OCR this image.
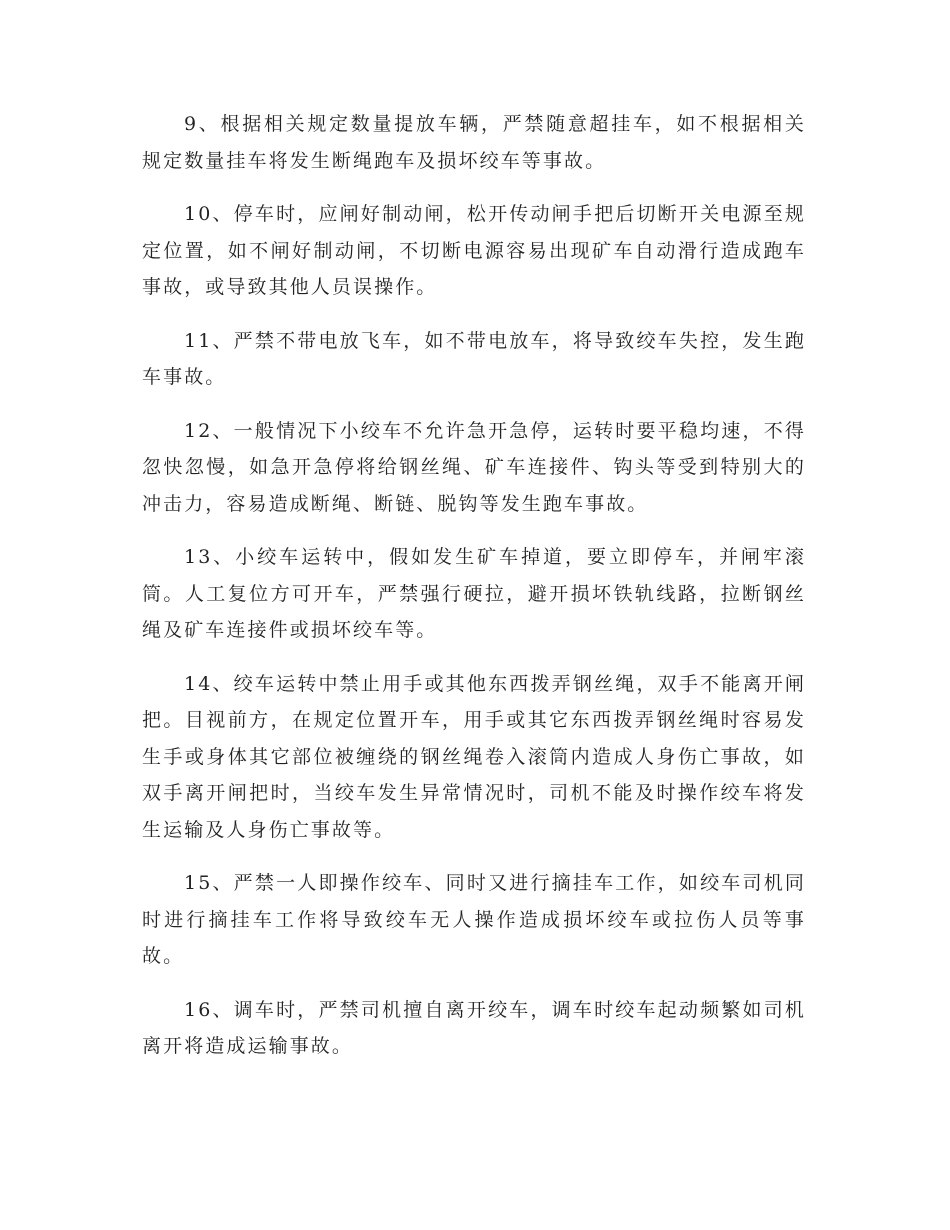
9、根据相关规定数量提放车辆，严禁随意超挂车，如不根据相关规定数量挂车将发生断绳跑车及损坏绞车等事故。

10、停车时，应闸好制动闸，松开传动闸手把后切断开关电源至规定位置，如不闸好制动闸，不切断电源容易出现矿车自动滑行造成跑车事故，或导致其他人员误操作。

11、严禁不带电放飞车，如不带电放车，将导致绞车失控，发生跑车事故。

12、一般情况下小绞车不允许急开急停，运转时要平稳均速，不得忽快忽慢，如急开急停将给钢丝绳、矿车连接件、钩头等受到特别大的冲击力，容易造成断绳、断链、脱钩等发生跑车事故。

13、小绞车运转中，假如发生矿车掉道，要立即停车，并闸牢滚筒。人工复位方可开车，严禁强行硬拉，避开损坏铁轨线路，拉断钢丝绳及矿车连接件或损坏绞车等。

14、绞车运转中禁止用手或其他东西拨弄钢丝绳，双手不能离开闸把。目视前方，在规定位置开车，用手或其它东西拨弄钢丝绳时容易发生手或身体其它部位被缠绕的钢丝绳卷入滚筒内造成人身伤亡事故，如双手离开闸把时，当绞车发生异常情况时，司机不能及时操作绞车将发生运输及人身伤亡事故等。

15、严禁一人即操作绞车、同时又进行摘挂车工作，如绞车司机同时进行摘挂车工作将导致绞车无人操作造成损坏绞车或拉伤人员等事故。

16、调车时，严禁司机擅自离开绞车，调车时绞车起动频繁如司机离开将造成运输事故。
